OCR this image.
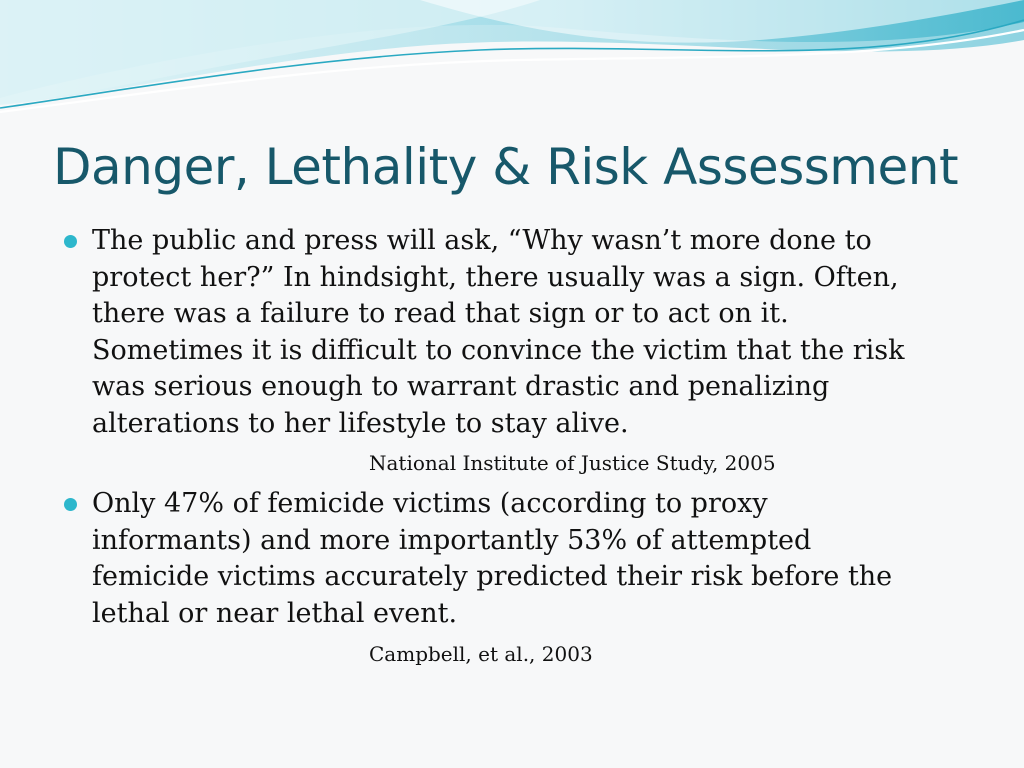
Danger, Lethality & Risk Assessment
The public and press will ask, “Why wasn’t more done to
protect her?” In hindsight, there usually was a sign. Often,
there was a failure to read that sign or to act on it.
Sometimes it is difficult to convince the victim that the risk
was serious enough to warrant drastic and penalizing
alterations to her lifestyle to stay alive.
National Institute of Justice Study, 2005
Only 47% of femicide victims (according to proxy
informants) and more importantly 53% of attempted
femicide victims accurately predicted their risk before the
lethal or near lethal event.
Campbell, et al., 2003
